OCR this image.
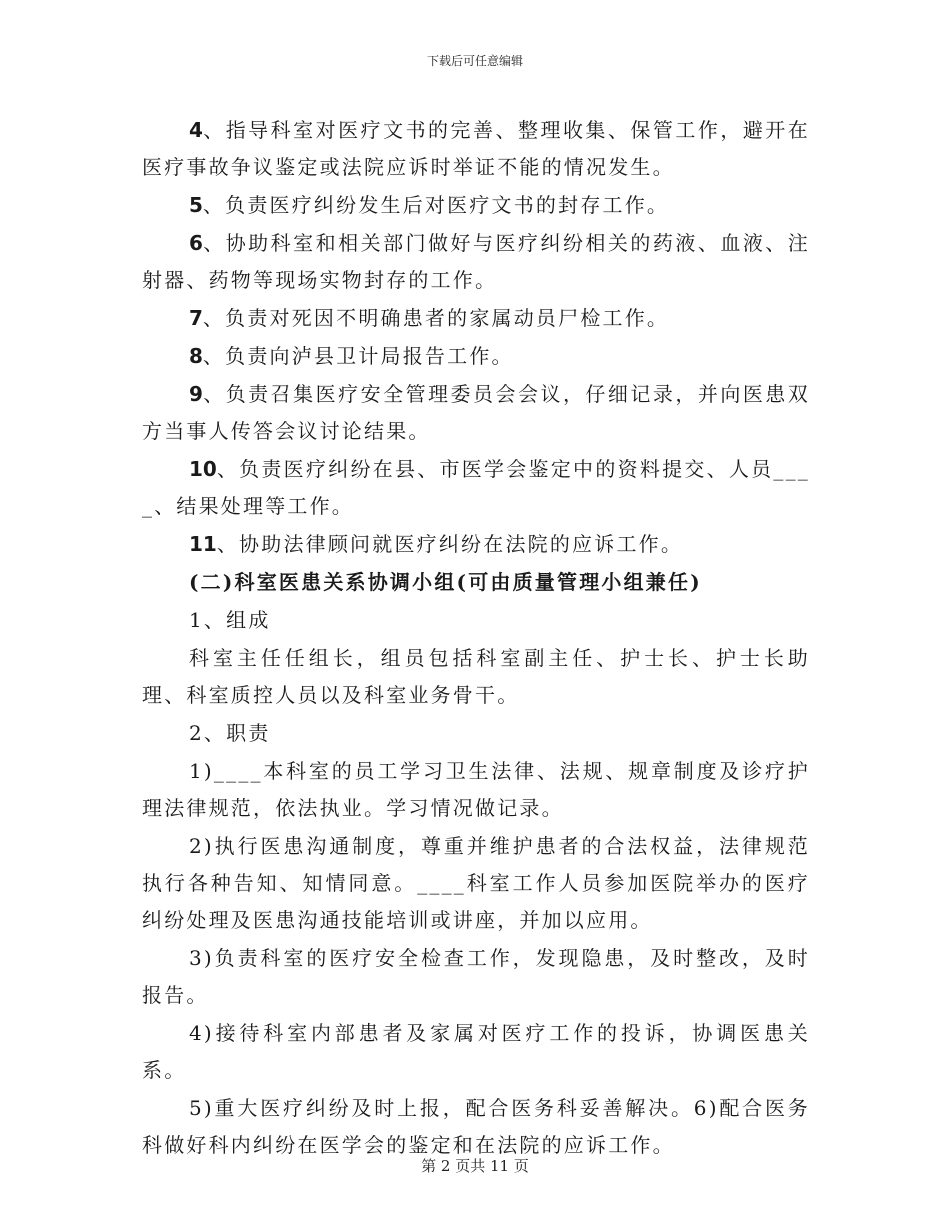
下载后可任意编辑

4、指导科室对医疗文书的完善、整理收集、保管工作，避开在医疗事故争议鉴定或法院应诉时举证不能的情况发生。

5、负责医疗纠纷发生后对医疗文书的封存工作。

6、协助科室和相关部门做好与医疗纠纷相关的药液、血液、注射器、药物等现场实物封存的工作。

7、负责对死因不明确患者的家属动员尸检工作。

8、负责向泸县卫计局报告工作。

9、负责召集医疗安全管理委员会会议，仔细记录，并向医患双方当事人传答会议讨论结果。

10、负责医疗纠纷在县、市医学会鉴定中的资料提交、人员____、结果处理等工作。

11、协助法律顾问就医疗纠纷在法院的应诉工作。

(二)科室医患关系协调小组(可由质量管理小组兼任)

1、组成

科室主任任组长，组员包括科室副主任、护士长、护士长助理、科室质控人员以及科室业务骨干。

2、职责

1)____本科室的员工学习卫生法律、法规、规章制度及诊疗护理法律规范，依法执业。学习情况做记录。

2)执行医患沟通制度，尊重并维护患者的合法权益，法律规范执行各种告知、知情同意。____科室工作人员参加医院举办的医疗纠纷处理及医患沟通技能培训或讲座，并加以应用。

3)负责科室的医疗安全检查工作，发现隐患，及时整改，及时报告。

4)接待科室内部患者及家属对医疗工作的投诉，协调医患关系。

5)重大医疗纠纷及时上报，配合医务科妥善解决。6)配合医务科做好科内纠纷在医学会的鉴定和在法院的应诉工作。

第 2 页共 11 页
